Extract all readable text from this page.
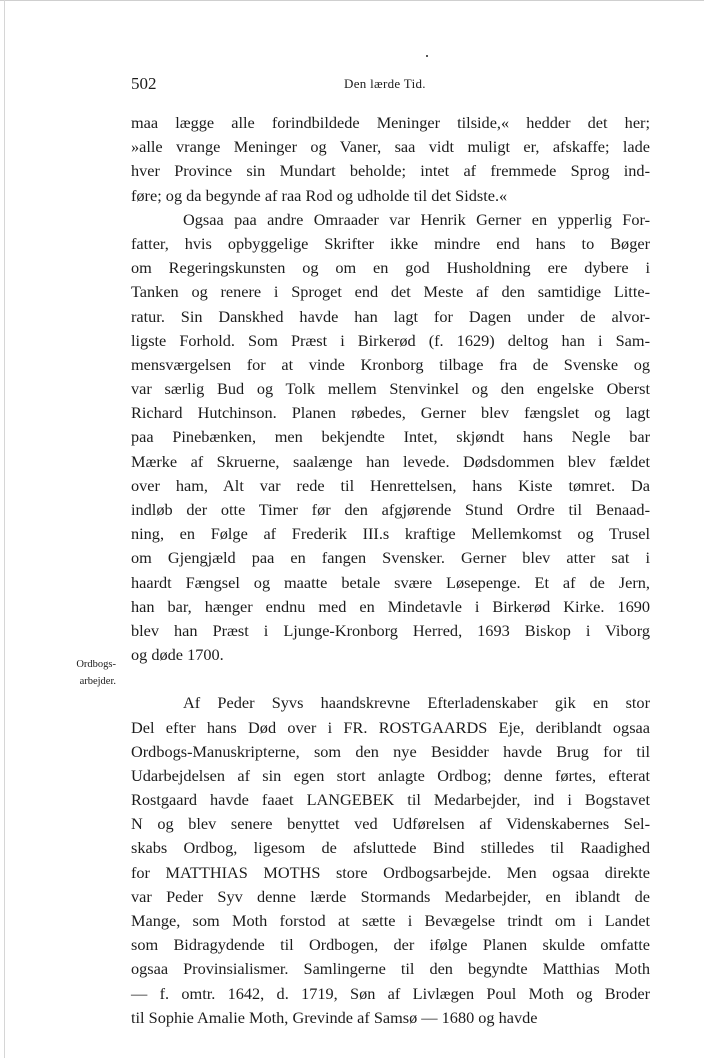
502	Den lærde Tid.
Ordbogs-
arbejder.
maa lægge alle forindbildede Meninger tilside,« hedder det her;
»alle vrange Meninger og Vaner, saa vidt muligt er, afskaffe; lade
hver Province sin Mundart beholde; intet af fremmede Sprog ind-
føre; og da begynde af raa Rod og udholde til det Sidste.«
Ogsaa paa andre Omraader var Henrik Gerner en ypperlig For-
fatter, hvis opbyggelige Skrifter ikke mindre end hans to Bøger
om Regeringskunsten og om en god Husholdning ere dybere i
Tanken og renere i Sproget end det Meste af den samtidige Litte-
ratur. Sin Danskhed havde han lagt for Dagen under de alvor-
ligste Forhold. Som Præst i Birkerød (f. 1629) deltog han i Sam-
mensværgelsen for at vinde Kronborg tilbage fra de Svenske og
var særlig Bud og Tolk mellem Stenvinkel og den engelske Oberst
Richard Hutchinson. Planen røbedes, Gerner blev fængslet og lagt
paa Pinebænken, men bekjendte Intet, skjøndt hans Negle bar
Mærke af Skruerne, saalænge han levede. Dødsdommen blev fældet
over ham, Alt var rede til Henrettelsen, hans Kiste tømret. Da
indløb der otte Timer før den afgjørende Stund Ordre til Benaad-
ning, en Følge af Frederik III.s kraftige Mellemkomst og Trusel
om Gjengjæld paa en fangen Svensker. Gerner blev atter sat i
haardt Fængsel og maatte betale svære Løsepenge. Et af de Jern,
han bar, hænger endnu med en Mindetavle i Birkerød Kirke. 1690
blev han Præst i Ljunge-Kronborg Herred, 1693 Biskop i Viborg
og døde 1700.
Af Peder Syvs haandskrevne Efterladenskaber gik en stor
Del efter hans Død over i FR. ROSTGAARDS Eje, deriblandt ogsaa
Ordbogs-Manuskripterne, som den nye Besidder havde Brug for til
Udarbejdelsen af sin egen stort anlagte Ordbog; denne førtes, efterat
Rostgaard havde faaet LANGEBEK til Medarbejder, ind i Bogstavet
N og blev senere benyttet ved Udførelsen af Videnskabernes Sel-
skabs Ordbog, ligesom de afsluttede Bind stilledes til Raadighed
for MATTHIAS MOTHS store Ordbogsarbejde. Men ogsaa direkte
var Peder Syv denne lærde Stormands Medarbejder, en iblandt de
Mange, som Moth forstod at sætte i Bevægelse trindt om i Landet
som Bidragydende til Ordbogen, der ifølge Planen skulde omfatte
ogsaa Provinsialismer. Samlingerne til den begyndte Matthias Moth
— f. omtr. 1642, d. 1719, Søn af Livlægen Poul Moth og Broder
til Sophie Amalie Moth, Grevinde af Samsø — 1680 og havde
